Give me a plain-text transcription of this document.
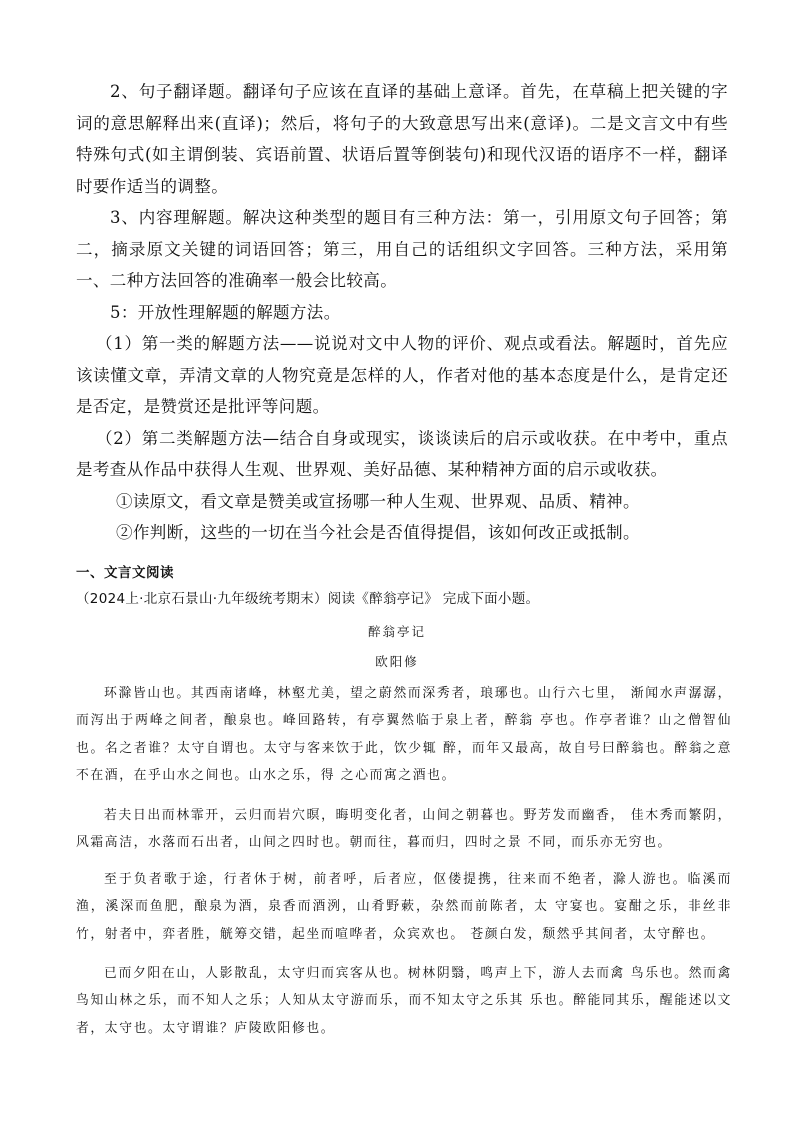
2、句子翻译题。翻译句子应该在直译的基础上意译。首先，在草稿上把关键的字词的意思解释出来(直译)；然后，将句子的大致意思写出来(意译)。二是文言文中有些特殊句式(如主谓倒装、宾语前置、状语后置等倒装句)和现代汉语的语序不一样，翻译时要作适当的调整。

3、内容理解题。解决这种类型的题目有三种方法：第一，引用原文句子回答；第二，摘录原文关键的词语回答；第三，用自己的话组织文字回答。三种方法，采用第一、二种方法回答的准确率一般会比较高。

5：开放性理解题的解题方法。

（1）第一类的解题方法——说说对文中人物的评价、观点或看法。解题时，首先应该读懂文章，弄清文章的人物究竟是怎样的人，作者对他的基本态度是什么，是肯定还是否定，是赞赏还是批评等问题。

（2）第二类解题方法—结合自身或现实，谈谈读后的启示或收获。在中考中，重点是考查从作品中获得人生观、世界观、美好品德、某种精神方面的启示或收获。

①读原文，看文章是赞美或宣扬哪一种人生观、世界观、品质、精神。

②作判断，这些的一切在当今社会是否值得提倡，该如何改正或抵制。

一、文言文阅读
（2024上·北京石景山·九年级统考期末）阅读《醉翁亭记》 完成下面小题。
醉翁亭记
欧阳修

环滁皆山也。其西南诸峰，林壑尤美，望之蔚然而深秀者，琅琊也。山行六七里， 渐闻水声潺潺，而泻出于两峰之间者，酿泉也。峰回路转，有亭翼然临于泉上者，醉翁 亭也。作亭者谁？山之僧智仙也。名之者谁？太守自谓也。太守与客来饮于此，饮少辄 醉，而年又最高，故自号曰醉翁也。醉翁之意不在酒，在乎山水之间也。山水之乐，得 之心而寓之酒也。

若夫日出而林霏开，云归而岩穴暝，晦明变化者，山间之朝暮也。野芳发而幽香， 佳木秀而繁阴，风霜高洁，水落而石出者，山间之四时也。朝而往，暮而归，四时之景 不同，而乐亦无穷也。

至于负者歌于途，行者休于树，前者呼，后者应，伛偻提携，往来而不绝者，滁人游也。临溪而渔，溪深而鱼肥，酿泉为酒，泉香而酒洌，山肴野蔌，杂然而前陈者，太 守宴也。宴酣之乐，非丝非竹，射者中，弈者胜，觥筹交错，起坐而喧哗者，众宾欢也。 苍颜白发，颓然乎其间者，太守醉也。

已而夕阳在山，人影散乱，太守归而宾客从也。树林阴翳，鸣声上下，游人去而禽 鸟乐也。然而禽鸟知山林之乐，而不知人之乐；人知从太守游而乐，而不知太守之乐其 乐也。醉能同其乐，醒能述以文者，太守也。太守谓谁？庐陵欧阳修也。
